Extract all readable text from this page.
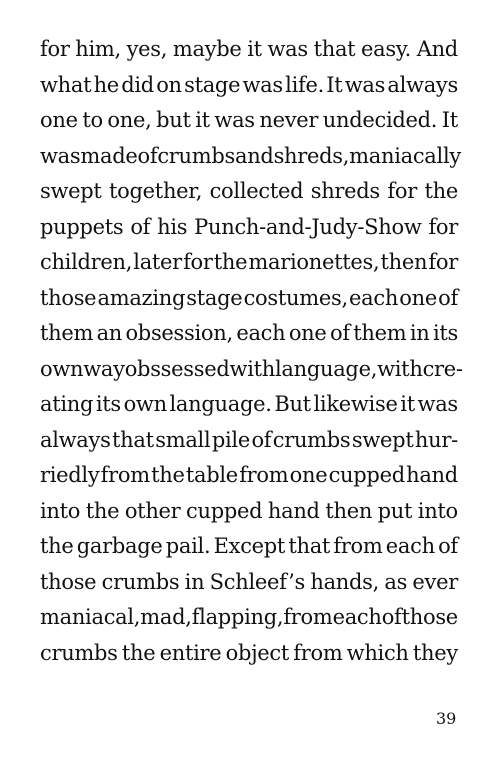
for him, yes, maybe it was that easy. And
what he did on stage was life. It was always
one to one, but it was never undecided. It
was made of crumbs and shreds, maniacally
swept together, collected shreds for the
puppets of his Punch-and-Judy-Show for
children, later for the marionettes, then for
those amazing stage costumes, each one of
them an obsession, each one of them in its
own way obssessed with language, with cre-
ating its own language. But likewise it was
always that small pile of crumbs swept hur-
riedly from the table from one cupped hand
into the other cupped hand then put into
the garbage pail. Except that from each of
those crumbs in Schleef’s hands, as ever
maniacal, mad, flapping, from each of those
crumbs the entire object from which they
39
